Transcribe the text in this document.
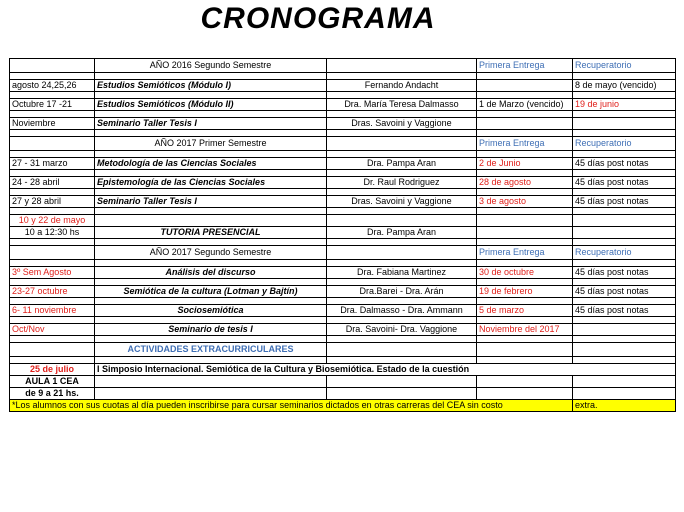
CRONOGRAMA
	AÑO 2016 Segundo Semestre		Primera Entrega	Recuperatorio

agosto 24,25,26	Estudios Semióticos (Módulo I)	Fernando Andacht		8 de mayo (vencido)

Octubre 17 -21	Estudios Semióticos (Módulo II)	Dra. María Teresa Dalmasso	1 de Marzo (vencido)	19 de junio

Noviembre	Seminario Taller Tesis I	Dras. Savoini y Vaggione		

	AÑO 2017 Primer Semestre		Primera Entrega	Recuperatorio

27 - 31 marzo	Metodología de las Ciencias Sociales	Dra. Pampa Aran	2 de Junio	45 días post notas

24 - 28 abril	Epistemología de las Ciencias Sociales	Dr. Raul Rodriguez	28 de agosto	45 días post notas

27 y 28 abril	Seminario Taller Tesis I	Dras. Savoini y Vaggione	3 de agosto	45 días post notas

10 y 22 de mayo				
10 a 12:30 hs	TUTORIA PRESENCIAL	Dra. Pampa Aran		

	AÑO 2017 Segundo Semestre		Primera Entrega	Recuperatorio

3º Sem Agosto	Análisis del discurso	Dra. Fabiana Martinez	30 de octubre	45 días post notas

23-27 octubre	Semiótica de la cultura (Lotman y Bajtín)	Dra.Barei - Dra. Arán	19 de febrero	45 días post notas

6- 11 noviembre	Sociosemiótica	Dra. Dalmasso - Dra. Ammann	5 de marzo	45 días post notas

Oct/Nov	Seminario de tesis I	Dra. Savoini- Dra. Vaggione	Noviembre del 2017	

	ACTIVIDADES EXTRACURRICULARES			

25 de julio	I Simposio Internacional. Semiótica de la Cultura y Biosemiótica. Estado de la cuestión			
AULA 1 CEA				
de 9 a 21 hs.				
*Los alumnos con sus cuotas al día pueden inscribirse para cursar seminarios dictados en otras carreras del CEA sin costo				extra.
